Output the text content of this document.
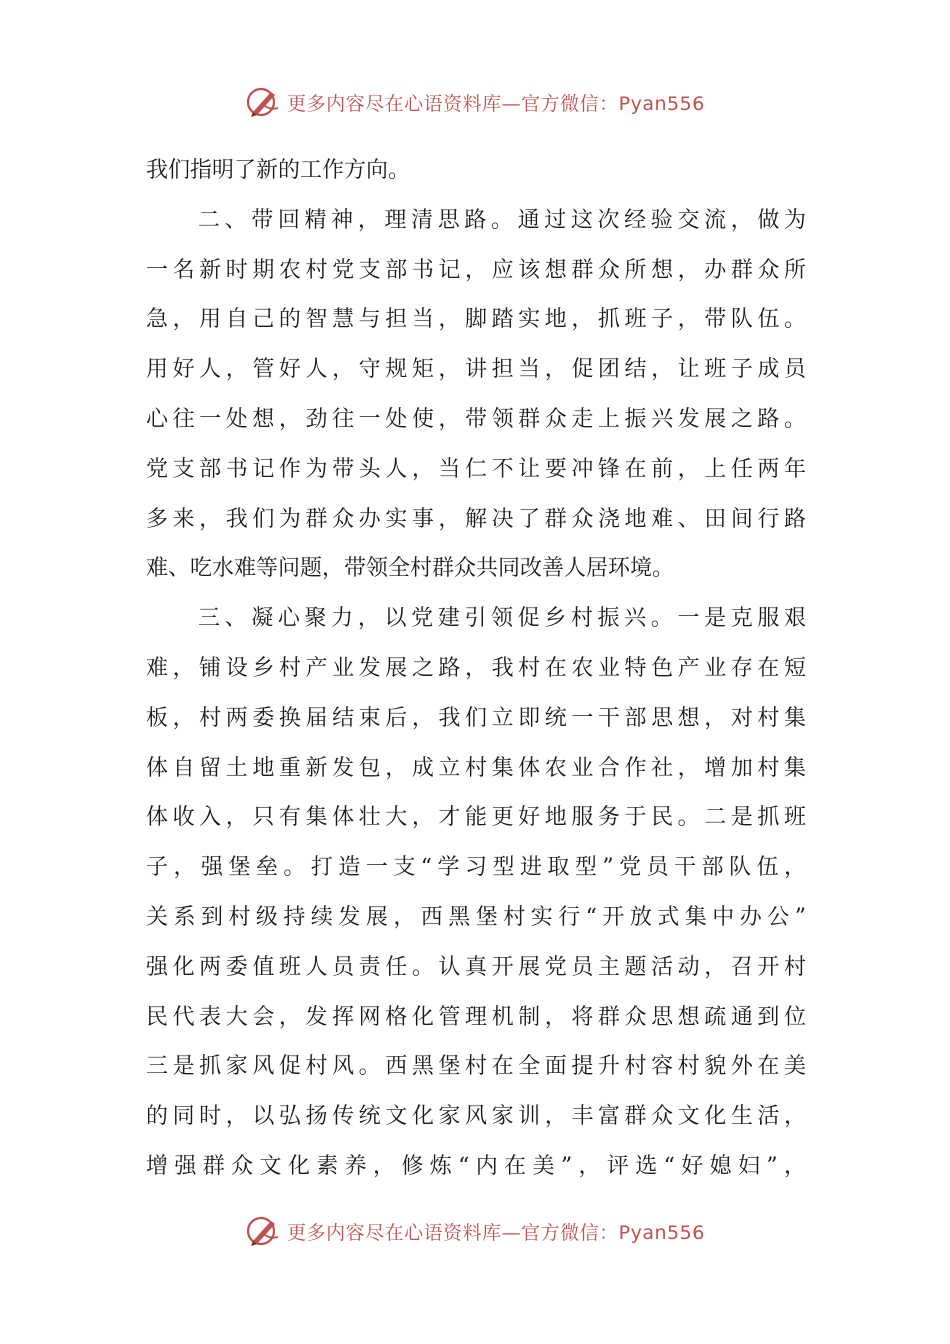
更多内容尽在心语资料库—官方微信：Pyan556
我们指明了新的工作方向。
二、带回精神，理清思路。通过这次经验交流，做为
一名新时期农村党支部书记，应该想群众所想，办群众所
急，用自己的智慧与担当，脚踏实地，抓班子，带队伍。
用好人，管好人，守规矩，讲担当，促团结，让班子成员
心往一处想，劲往一处使，带领群众走上振兴发展之路。
党支部书记作为带头人，当仁不让要冲锋在前，上任两年
多来，我们为群众办实事，解决了群众浇地难、田间行路
难、吃水难等问题，带领全村群众共同改善人居环境。
三、凝心聚力，以党建引领促乡村振兴。一是克服艰
难，铺设乡村产业发展之路，我村在农业特色产业存在短
板，村两委换届结束后，我们立即统一干部思想，对村集
体自留土地重新发包，成立村集体农业合作社，增加村集
体收入，只有集体壮大，才能更好地服务于民。二是抓班
子，强堡垒。打造一支“学习型进取型”党员干部队伍，
关系到村级持续发展，西黑堡村实行“开放式集中办公”
强化两委值班人员责任。认真开展党员主题活动，召开村
民代表大会，发挥网格化管理机制，将群众思想疏通到位
三是抓家风促村风。西黑堡村在全面提升村容村貌外在美
的同时，以弘扬传统文化家风家训，丰富群众文化生活，
增强群众文化素养，修炼“内在美”，评选“好媳妇”，
更多内容尽在心语资料库—官方微信：Pyan556
